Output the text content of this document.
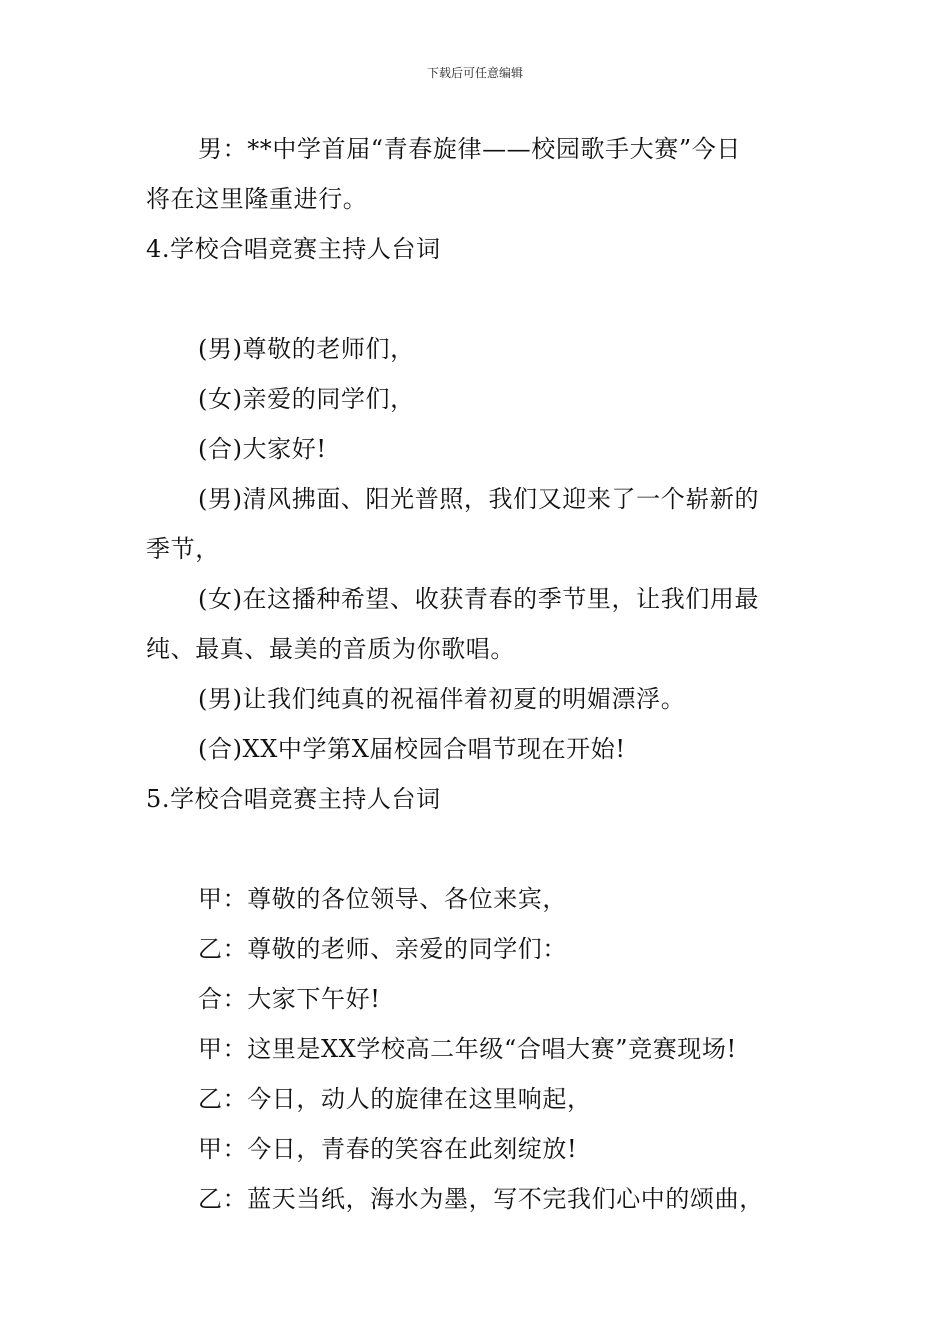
下载后可任意编辑
男：**中学首届“青春旋律——校园歌手大赛”今日
将在这里隆重进行。
4.学校合唱竞赛主持人台词
(男)尊敬的老师们，
(女)亲爱的同学们，
(合)大家好!
(男)清风拂面、阳光普照，我们又迎来了一个崭新的
季节，
(女)在这播种希望、收获青春的季节里，让我们用最
纯、最真、最美的音质为你歌唱。
(男)让我们纯真的祝福伴着初夏的明媚漂浮。
(合)XX中学第X届校园合唱节现在开始!
5.学校合唱竞赛主持人台词
甲：尊敬的各位领导、各位来宾，
乙：尊敬的老师、亲爱的同学们：
合：大家下午好!
甲：这里是XX学校高二年级“合唱大赛”竞赛现场!
乙：今日，动人的旋律在这里响起，
甲：今日，青春的笑容在此刻绽放!
乙：蓝天当纸，海水为墨，写不完我们心中的颂曲，
